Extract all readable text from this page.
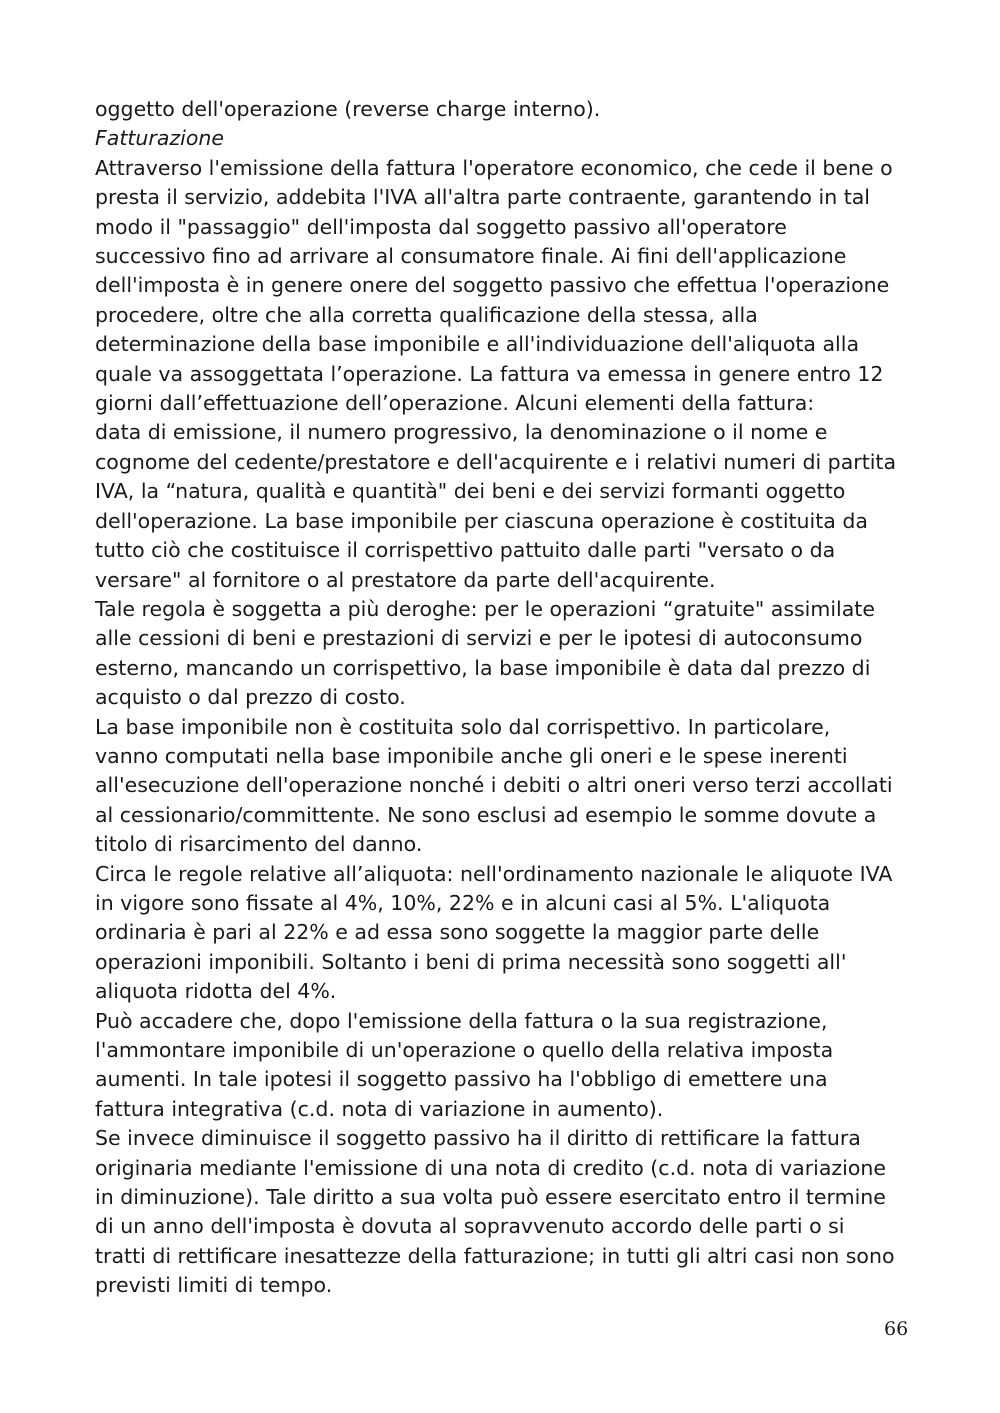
oggetto dell'operazione (reverse charge interno).
Fatturazione
Attraverso l'emissione della fattura l'operatore economico, che cede il bene o
presta il servizio, addebita l'IVA all'altra parte contraente, garantendo in tal
modo il "passaggio" dell'imposta dal soggetto passivo all'operatore
successivo fino ad arrivare al consumatore finale. Ai fini dell'applicazione
dell'imposta è in genere onere del soggetto passivo che effettua l'operazione
procedere, oltre che alla corretta qualificazione della stessa, alla
determinazione della base imponibile e all'individuazione dell'aliquota alla
quale va assoggettata l’operazione. La fattura va emessa in genere entro 12
giorni dall’effettuazione dell’operazione. Alcuni elementi della fattura:
data di emissione, il numero progressivo, la denominazione o il nome e
cognome del cedente/prestatore e dell'acquirente e i relativi numeri di partita
IVA, la “natura, qualità e quantità" dei beni e dei servizi formanti oggetto
dell'operazione. La base imponibile per ciascuna operazione è costituita da
tutto ciò che costituisce il corrispettivo pattuito dalle parti "versato o da
versare" al fornitore o al prestatore da parte dell'acquirente.
Tale regola è soggetta a più deroghe: per le operazioni “gratuite" assimilate
alle cessioni di beni e prestazioni di servizi e per le ipotesi di autoconsumo
esterno, mancando un corrispettivo, la base imponibile è data dal prezzo di
acquisto o dal prezzo di costo.
La base imponibile non è costituita solo dal corrispettivo. In particolare,
vanno computati nella base imponibile anche gli oneri e le spese inerenti
all'esecuzione dell'operazione nonché i debiti o altri oneri verso terzi accollati
al cessionario/committente. Ne sono esclusi ad esempio le somme dovute a
titolo di risarcimento del danno.
Circa le regole relative all’aliquota: nell'ordinamento nazionale le aliquote IVA
in vigore sono fissate al 4%, 10%, 22% e in alcuni casi al 5%. L'aliquota
ordinaria è pari al 22% e ad essa sono soggette la maggior parte delle
operazioni imponibili. Soltanto i beni di prima necessità sono soggetti all'
aliquota ridotta del 4%.
Può accadere che, dopo l'emissione della fattura o la sua registrazione,
l'ammontare imponibile di un'operazione o quello della relativa imposta
aumenti. In tale ipotesi il soggetto passivo ha l'obbligo di emettere una
fattura integrativa (c.d. nota di variazione in aumento).
Se invece diminuisce il soggetto passivo ha il diritto di rettificare la fattura
originaria mediante l'emissione di una nota di credito (c.d. nota di variazione
in diminuzione). Tale diritto a sua volta può essere esercitato entro il termine
di un anno dell'imposta è dovuta al sopravvenuto accordo delle parti o si
tratti di rettificare inesattezze della fatturazione; in tutti gli altri casi non sono
previsti limiti di tempo.
66
